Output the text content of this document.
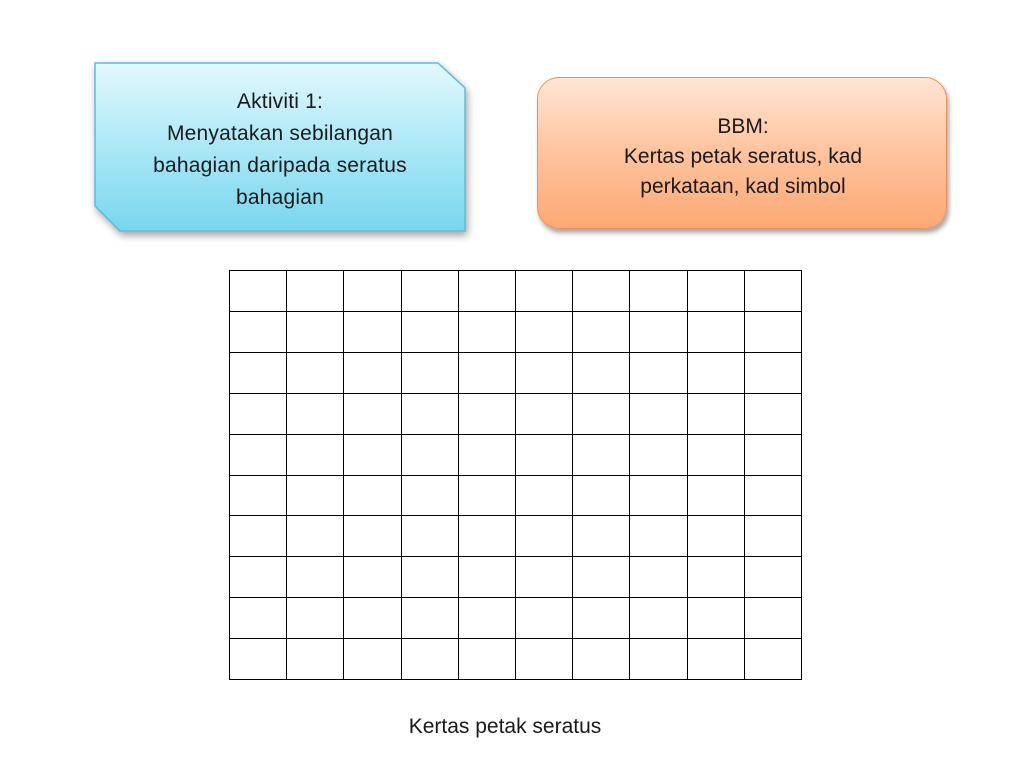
Aktiviti 1:
Menyatakan sebilangan
bahagian daripada seratus
bahagian
BBM:
Kertas petak seratus, kad
perkataan, kad simbol
Kertas petak seratus
